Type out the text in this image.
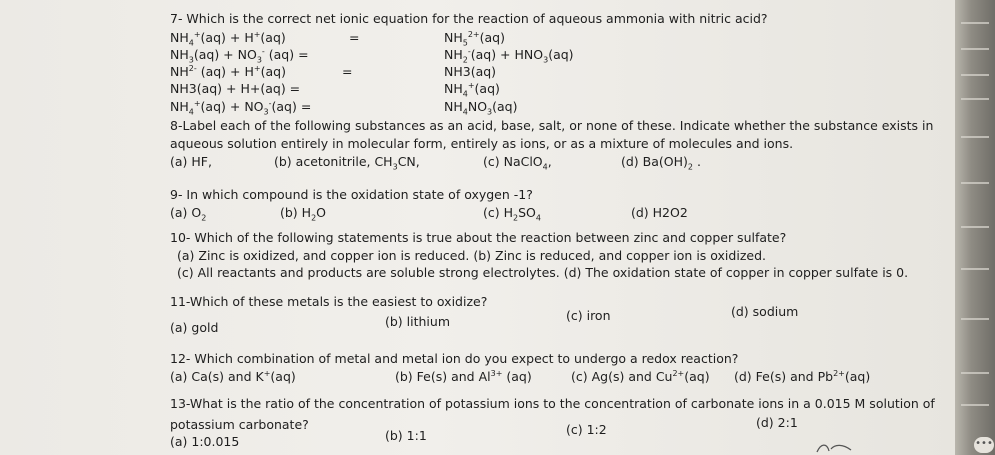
7- Which is the correct net ionic equation for the reaction of aqueous ammonia with nitric acid?
$NH_4^+(aq) + H^+(aq)$	=	$NH_5^{2+}(aq)$
$NH_3(aq) + NO_3^-$ (aq) =	$NH_2^-(aq) + HNO_3(aq)$
$NH^{2-}$ (aq) + H+(aq)	=	NH3(aq)
NH3(aq) + H+(aq) =	$NH_4^+(aq)$
$NH_4^+(aq) + NO_3^-(aq)$ =	$NH_4NO_3(aq)$
8-Label each of the following substances as an acid, base, salt, or none of these. Indicate whether the substance exists in
aqueous solution entirely in molecular form, entirely as ions, or as a mixture of molecules and ions.
(a) HF,	(b) acetonitrile, $CH_3CN$,	(c) NaClO$_4$,	(d) $Ba(OH)_2$ .
9- In which compound is the oxidation state of oxygen -1?
(a) $O_2$	(b) $H_2O$	(c) $H_2SO_4$	(d) H2O2
10- Which of the following statements is true about the reaction between zinc and copper sulfate?
(a) Zinc is oxidized, and copper ion is reduced. (b) Zinc is reduced, and copper ion is oxidized.
(c) All reactants and products are soluble strong electrolytes. (d) The oxidation state of copper in copper sulfate is 0.
11-Which of these metals is the easiest to oxidize?
(a) gold	(b) lithium	(c) iron	(d) sodium
12- Which combination of metal and metal ion do you expect to undergo a redox reaction?
(a) Ca(s) and K+(aq)	(b) Fe(s) and $Al^{3+}$ (aq)	(c) Ag(s) and $Cu^{2+}(aq)$ (d) Fe(s) and $Pb^{2+}(aq)$
13-What is the ratio of the concentration of potassium ions to the concentration of carbonate ions in a 0.015 M solution of
potassium carbonate?
(a) 1:0.015	(b) 1:1	(c) 1:2	(d) 2:1
•••
